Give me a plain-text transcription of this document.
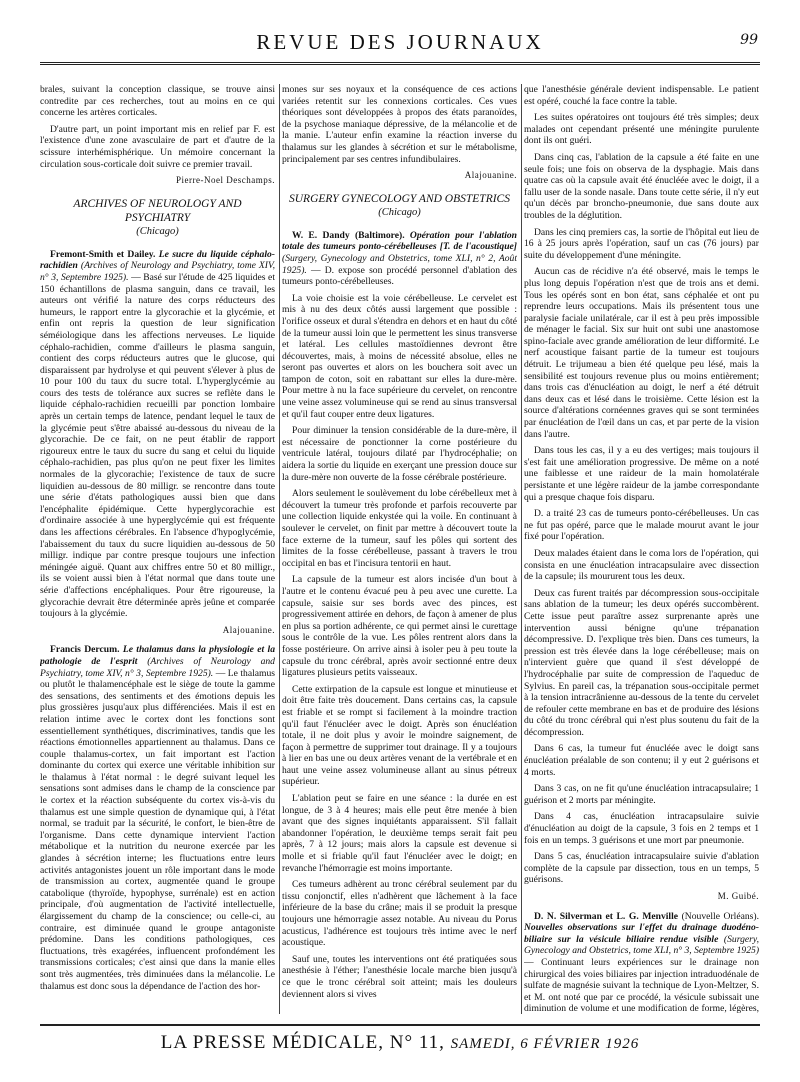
REVUE DES JOURNAUX	99

brales, suivant la conception classique, se trouve ainsi contredite par ces recherches, tout au moins en ce qui concerne les artères corticales.

D'autre part, un point important mis en relief par F. est l'existence d'une zone avasculaire de part et d'autre de la scissure interhémisphérique. Un mémoire concernant la circulation sous-corticale doit suivre ce premier travail.

Pierre-Noel Deschamps.
ARCHIVES OF NEUROLOGY AND PSYCHIATRY
(Chicago)

Fremont-Smith et Dailey. Le sucre du liquide céphalo-rachidien (Archives of Neurology and Psychiatry, tome XIV, n° 3, Septembre 1925). — Basé sur l'étude de 425 liquides et 150 échantillons de plasma sanguin, dans ce travail, les auteurs ont vérifié la nature des corps réducteurs des humeurs, le rapport entre la glycorachie et la glycémie, et enfin ont repris la question de leur signification séméiologique dans les affections nerveuses. Le liquide céphalo-rachidien, comme d'ailleurs le plasma sanguin, contient des corps réducteurs autres que le glucose, qui disparaissent par hydrolyse et qui peuvent s'élever à plus de 10 pour 100 du taux du sucre total. L'hyperglycémie au cours des tests de tolérance aux sucres se reflète dans le liquide céphalo-rachidien recueilli par ponction lombaire après un certain temps de latence, pendant lequel le taux de la glycémie peut s'être abaissé au-dessous du niveau de la glycorachie. De ce fait, on ne peut établir de rapport rigoureux entre le taux du sucre du sang et celui du liquide céphalo-rachidien, pas plus qu'on ne peut fixer les limites normales de la glycorachie; l'existence de taux de sucre liquidien au-dessous de 80 milligr. se rencontre dans toute une série d'états pathologiques aussi bien que dans l'encéphalite épidémique. Cette hyperglycorachie est d'ordinaire associée à une hyperglycémie qui est fréquente dans les affections cérébrales. En l'absence d'hypoglycémie, l'abaissement du taux du sucre liquidien au-dessous de 50 milligr. indique par contre presque toujours une infection méningée aiguë. Quant aux chiffres entre 50 et 80 milligr., ils se voient aussi bien à l'état normal que dans toute une série d'affections encéphaliques. Pour être rigoureuse, la glycorachie devrait être déterminée après jeûne et comparée toujours à la glycémie.

Alajouanine.

Francis Dercum. Le thalamus dans la physiologie et la pathologie de l'esprit (Archives of Neurology and Psychiatry, tome XIV, n° 3, Septembre 1925). — Le thalamus ou plutôt le thalamencéphale est le siège de toute la gamme des sensations, des sentiments et des émotions depuis les plus grossières jusqu'aux plus différenciées. Mais il est en relation intime avec le cortex dont les fonctions sont essentiellement synthétiques, discriminatives, tandis que les réactions émotionnelles appartiennent au thalamus. Dans ce couple thalamus-cortex, un fait important est l'action dominante du cortex qui exerce une véritable inhibition sur le thalamus à l'état normal : le degré suivant lequel les sensations sont admises dans le champ de la conscience par le cortex et la réaction subséquente du cortex vis-à-vis du thalamus est une simple question de dynamique qui, à l'état normal, se traduit par la sécurité, le confort, le bien-être de l'organisme. Dans cette dynamique intervient l'action métabolique et la nutrition du neurone exercée par les glandes à sécrétion interne; les fluctuations entre leurs activités antagonistes jouent un rôle important dans le mode de transmission au cortex, augmentée quand le groupe catabolique (thyroïde, hypophyse, surrénale) est en action principale, d'où augmentation de l'activité intellectuelle, élargissement du champ de la conscience; ou celle-ci, au contraire, est diminuée quand le groupe antagoniste prédomine. Dans les conditions pathologiques, ces fluctuations, très exagérées, influencent profondément les transmissions corticales; c'est ainsi que dans la manie elles sont très augmentées, très diminuées dans la mélancolie. Le thalamus est donc sous la dépendance de l'action des hor-

mones sur ses noyaux et la conséquence de ces actions variées retentit sur les connexions corticales. Ces vues théoriques sont développées à propos des états paranoïdes, de la psychose maniaque dépressive, de la mélancolie et de la manie. L'auteur enfin examine la réaction inverse du thalamus sur les glandes à sécrétion et sur le métabolisme, principalement par ses centres infundibulaires.

Alajouanine.
SURGERY GYNECOLOGY AND OBSTETRICS
(Chicago)

W. E. Dandy (Baltimore). Opération pour l'ablation totale des tumeurs ponto-cérébelleuses [T. de l'acoustique] (Surgery, Gynecology and Obstetrics, tome XLI, n° 2, Août 1925). — D. expose son procédé personnel d'ablation des tumeurs ponto-cérébelleuses.

La voie choisie est la voie cérébelleuse. Le cervelet est mis à nu des deux côtés aussi largement que possible : l'orifice osseux et dural s'étendra en dehors et en haut du côté de la tumeur aussi loin que le permettent les sinus transverse et latéral. Les cellules mastoïdiennes devront être découvertes, mais, à moins de nécessité absolue, elles ne seront pas ouvertes et alors on les bouchera soit avec un tampon de coton, soit en rabattant sur elles la dure-mère. Pour mettre à nu la face supérieure du cervelet, on rencontre une veine assez volumineuse qui se rend au sinus transversal et qu'il faut couper entre deux ligatures.

Pour diminuer la tension considérable de la dure-mère, il est nécessaire de ponctionner la corne postérieure du ventricule latéral, toujours dilaté par l'hydrocéphalie; on aidera la sortie du liquide en exerçant une pression douce sur la dure-mère non ouverte de la fosse cérébrale postérieure.

Alors seulement le soulèvement du lobe cérébelleux met à découvert la tumeur très profonde et parfois recouverte par une collection liquide enkystée qui la voile. En continuant à soulever le cervelet, on finit par mettre à découvert toute la face externe de la tumeur, sauf les pôles qui sortent des limites de la fosse cérébelleuse, passant à travers le trou occipital en bas et l'incisura tentorii en haut.

La capsule de la tumeur est alors incisée d'un bout à l'autre et le contenu évacué peu à peu avec une curette. La capsule, saisie sur ses bords avec des pinces, est progressivement attirée en dehors, de façon à amener de plus en plus sa portion adhérente, ce qui permet ainsi le curettage sous le contrôle de la vue. Les pôles rentrent alors dans la fosse postérieure. On arrive ainsi à isoler peu à peu toute la capsule du tronc cérébral, après avoir sectionné entre deux ligatures plusieurs petits vaisseaux.

Cette extirpation de la capsule est longue et minutieuse et doit être faite très doucement. Dans certains cas, la capsule est friable et se rompt si facilement à la moindre traction qu'il faut l'énucléer avec le doigt. Après son énucléation totale, il ne doit plus y avoir le moindre saignement, de façon à permettre de supprimer tout drainage. Il y a toujours à lier en bas une ou deux artères venant de la vertébrale et en haut une veine assez volumineuse allant au sinus pétreux supérieur.

L'ablation peut se faire en une séance : la durée en est longue, de 3 à 4 heures; mais elle peut être menée à bien avant que des signes inquiétants apparaissent. S'il fallait abandonner l'opération, le deuxième temps serait fait peu après, 7 à 12 jours; mais alors la capsule est devenue si molle et si friable qu'il faut l'énucléer avec le doigt; en revanche l'hémorragie est moins importante.

Ces tumeurs adhèrent au tronc cérébral seulement par du tissu conjonctif, elles n'adhèrent que lâchement à la face inférieure de la base du crâne; mais il se produit la presque toujours une hémorragie assez notable. Au niveau du Porus acusticus, l'adhérence est toujours très intime avec le nerf acoustique.

Sauf une, toutes les interventions ont été pratiquées sous anesthésie à l'éther; l'anesthésie locale marche bien jusqu'à ce que le tronc cérébral soit atteint; mais les douleurs deviennent alors si vives

que l'anesthésie générale devient indispensable. Le patient est opéré, couché la face contre la table.

Les suites opératoires ont toujours été très simples; deux malades ont cependant présenté une méningite purulente dont ils ont guéri.

Dans cinq cas, l'ablation de la capsule a été faite en une seule fois; une fois on observa de la dysphagie. Mais dans quatre cas où la capsule avait été énucléée avec le doigt, il a fallu user de la sonde nasale. Dans toute cette série, il n'y eut qu'un décès par broncho-pneumonie, due sans doute aux troubles de la déglutition.

Dans les cinq premiers cas, la sortie de l'hôpital eut lieu de 16 à 25 jours après l'opération, sauf un cas (76 jours) par suite du développement d'une méningite.

Aucun cas de récidive n'a été observé, mais le temps le plus long depuis l'opération n'est que de trois ans et demi. Tous les opérés sont en bon état, sans céphalée et ont pu reprendre leurs occupations. Mais ils présentent tous une paralysie faciale unilatérale, car il est à peu près impossible de ménager le facial. Six sur huit ont subi une anastomose spino-faciale avec grande amélioration de leur difformité. Le nerf acoustique faisant partie de la tumeur est toujours détruit. Le trijumeau a bien été quelque peu lésé, mais la sensibilité est toujours revenue plus ou moins entièrement; dans trois cas d'énucléation au doigt, le nerf a été détruit dans deux cas et lésé dans le troisième. Cette lésion est la source d'altérations cornéennes graves qui se sont terminées par énucléation de l'œil dans un cas, et par perte de la vision dans l'autre.

Dans tous les cas, il y a eu des vertiges; mais toujours il s'est fait une amélioration progressive. De même on a noté une faiblesse et une raideur de la main homolatérale persistante et une légère raideur de la jambe correspondante qui a presque chaque fois disparu.

D. a traité 23 cas de tumeurs ponto-cérébelleuses. Un cas ne fut pas opéré, parce que le malade mourut avant le jour fixé pour l'opération.

Deux malades étaient dans le coma lors de l'opération, qui consista en une énucléation intracapsulaire avec dissection de la capsule; ils moururent tous les deux.

Deux cas furent traités par décompression sous-occipitale sans ablation de la tumeur; les deux opérés succombèrent. Cette issue peut paraître assez surprenante après une intervention aussi bénigne qu'une trépanation décompressive. D. l'explique très bien. Dans ces tumeurs, la pression est très élevée dans la loge cérébelleuse; mais on n'intervient guère que quand il s'est développé de l'hydrocéphalie par suite de compression de l'aqueduc de Sylvius. En pareil cas, la trépanation sous-occipitale permet à la tension intracrânienne au-dessous de la tente du cervelet de refouler cette membrane en bas et de produire des lésions du côté du tronc cérébral qui n'est plus soutenu du fait de la décompression.

Dans 6 cas, la tumeur fut énucléée avec le doigt sans énucléation préalable de son contenu; il y eut 2 guérisons et 4 morts.

Dans 3 cas, on ne fit qu'une énucléation intracapsulaire; 1 guérison et 2 morts par méningite.

Dans 4 cas, énucléation intracapsulaire suivie d'énucléation au doigt de la capsule, 3 fois en 2 temps et 1 fois en un temps. 3 guérisons et une mort par pneumonie.

Dans 5 cas, énucléation intracapsulaire suivie d'ablation complète de la capsule par dissection, tous en un temps, 5 guérisons.

M. Guibé.

D. N. Silverman et L. G. Menville (Nouvelle Orléans). Nouvelles observations sur l'effet du drainage duodéno-biliaire sur la vésicule biliaire rendue visible (Surgery, Gynecology and Obstetrics, tome XLI, n° 3, Septembre 1925) — Continuant leurs expériences sur le drainage non chirurgical des voies biliaires par injection intraduodénale de sulfate de magnésie suivant la technique de Lyon-Meltzer, S. et M. ont noté que par ce procédé, la vésicule subissait une diminution de volume et une modification de forme, légères,

LA PRESSE MÉDICALE, N° 11, SAMEDI, 6 FÉVRIER 1926
